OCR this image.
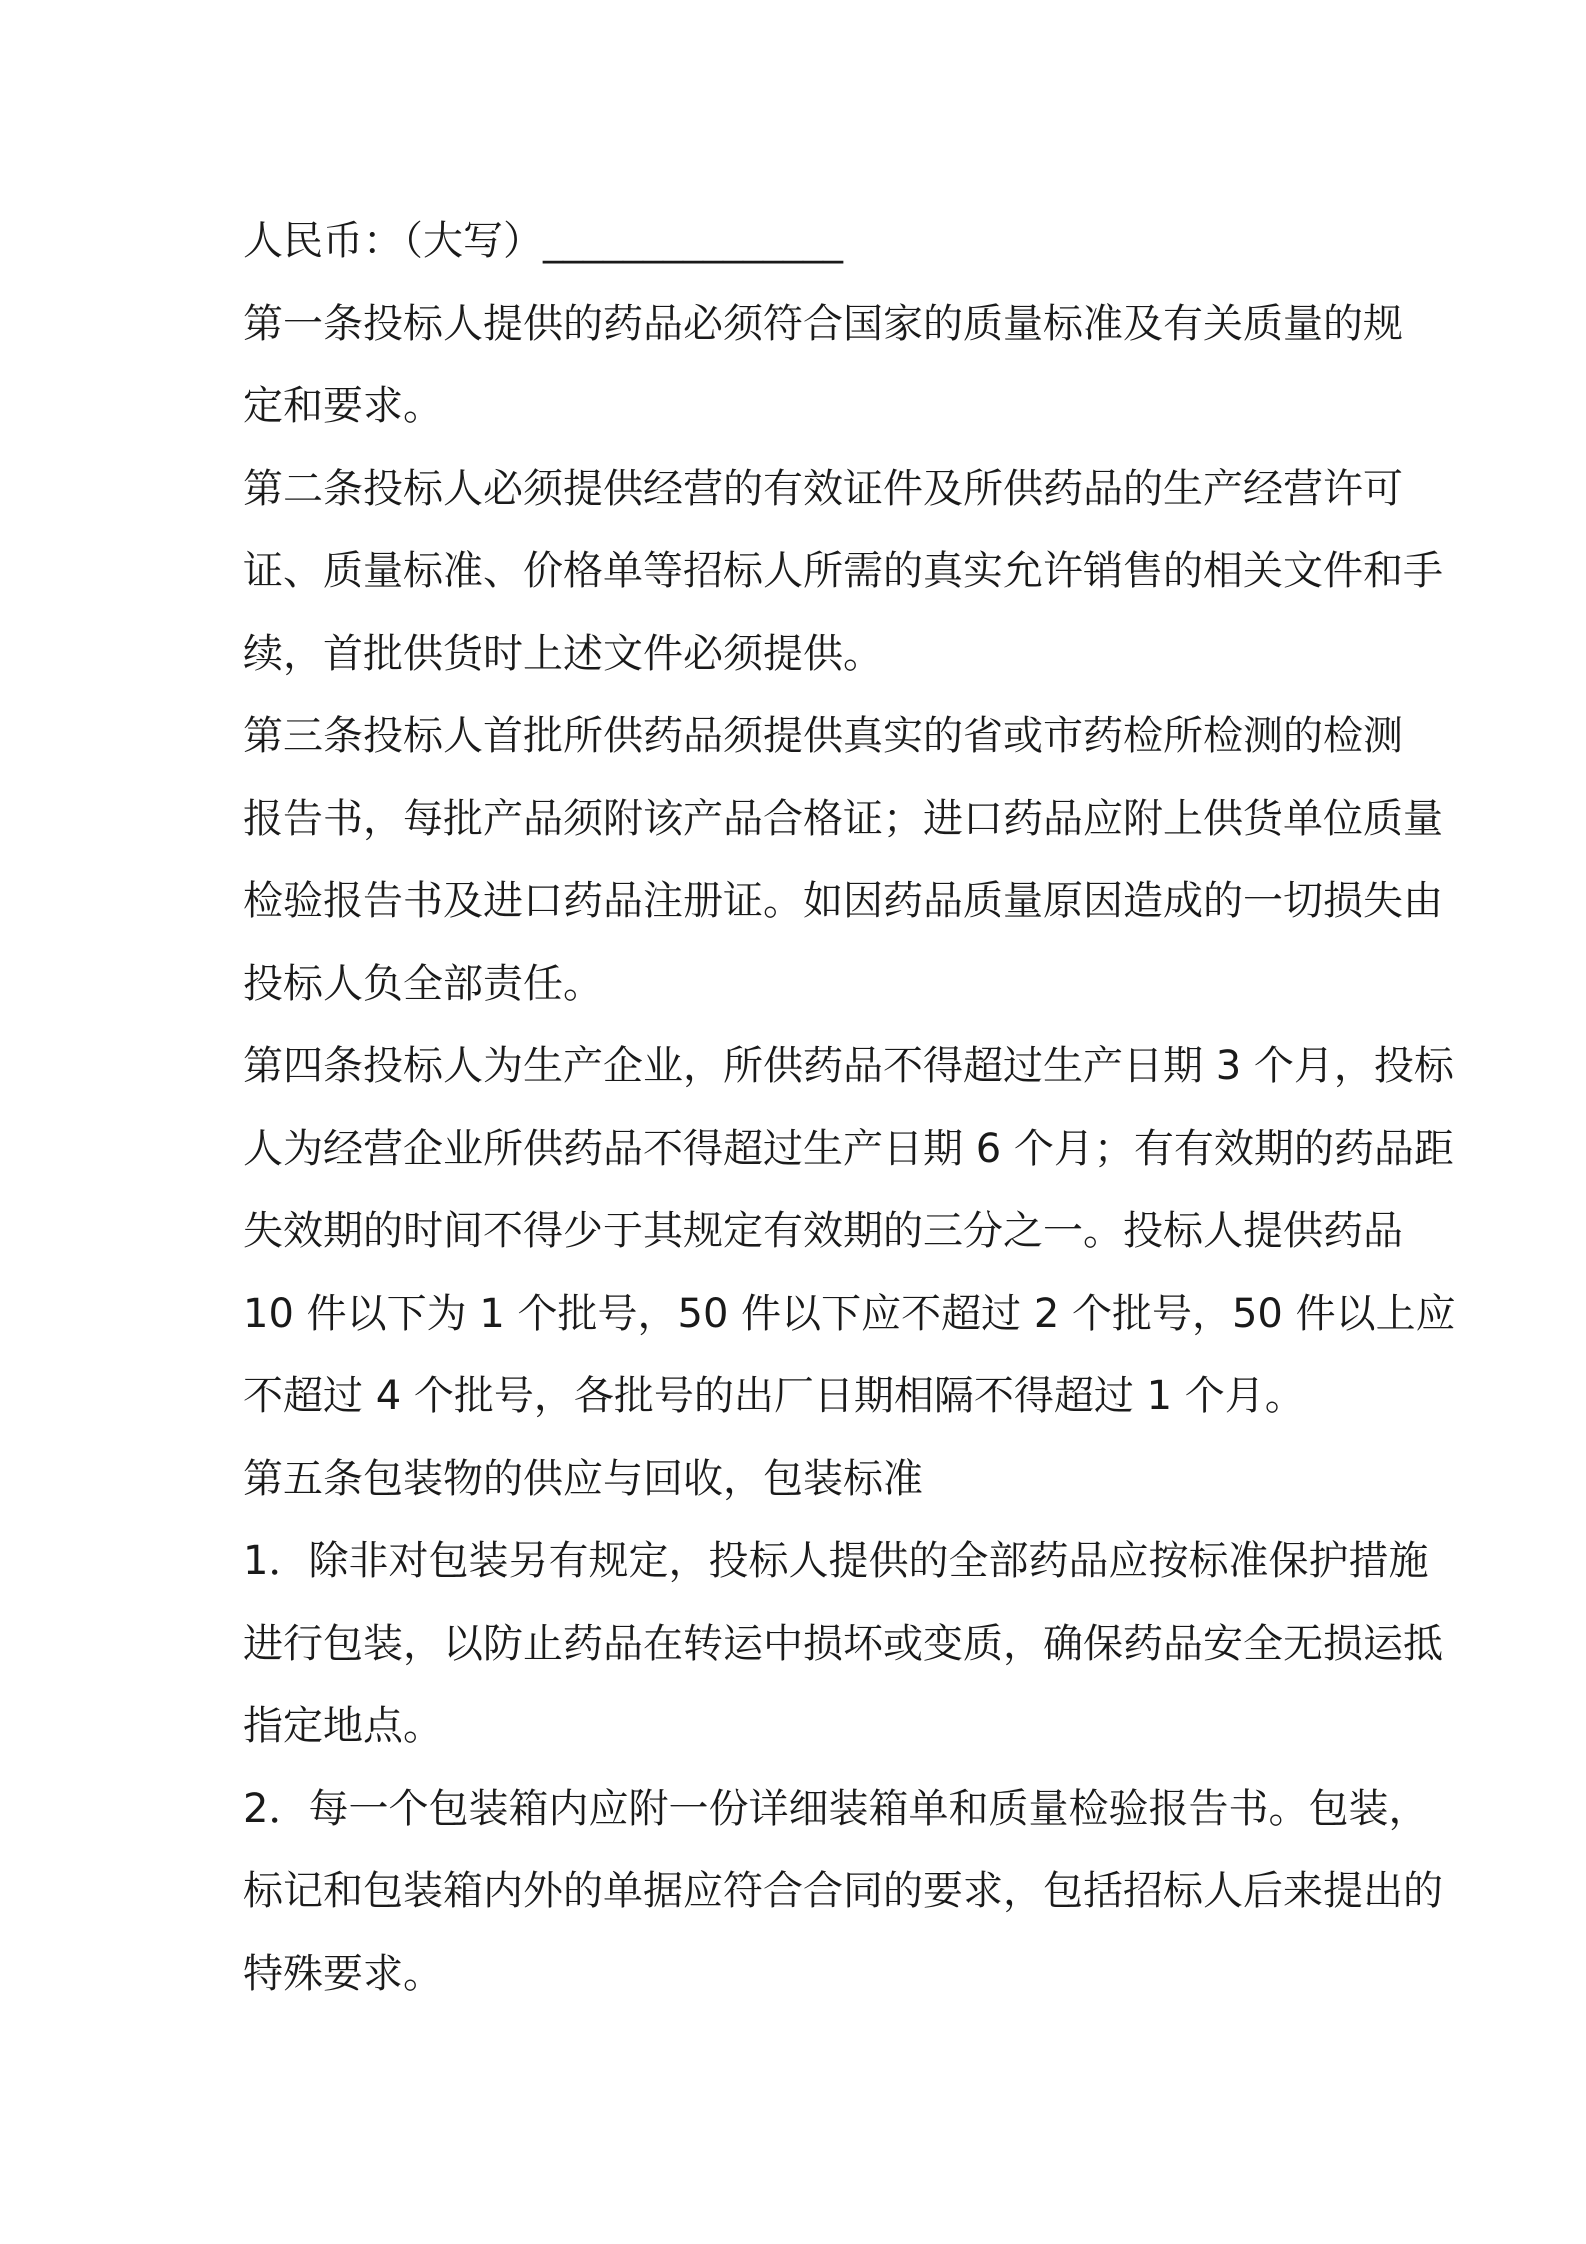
人民币：（大写）_______________
第一条投标人提供的药品必须符合国家的质量标准及有关质量的规
定和要求。
第二条投标人必须提供经营的有效证件及所供药品的生产经营许可
证、质量标准、价格单等招标人所需的真实允许销售的相关文件和手
续，首批供货时上述文件必须提供。
第三条投标人首批所供药品须提供真实的省或市药检所检测的检测
报告书，每批产品须附该产品合格证；进口药品应附上供货单位质量
检验报告书及进口药品注册证。如因药品质量原因造成的一切损失由
投标人负全部责任。
第四条投标人为生产企业，所供药品不得超过生产日期 3 个月，投标
人为经营企业所供药品不得超过生产日期 6 个月；有有效期的药品距
失效期的时间不得少于其规定有效期的三分之一。投标人提供药品
10 件以下为 1 个批号，50 件以下应不超过 2 个批号，50 件以上应
不超过 4 个批号，各批号的出厂日期相隔不得超过 1 个月。
第五条包装物的供应与回收，包装标准
1．除非对包装另有规定，投标人提供的全部药品应按标准保护措施
进行包装，以防止药品在转运中损坏或变质，确保药品安全无损运抵
指定地点。
2．每一个包装箱内应附一份详细装箱单和质量检验报告书。包装，
标记和包装箱内外的单据应符合合同的要求，包括招标人后来提出的
特殊要求。
